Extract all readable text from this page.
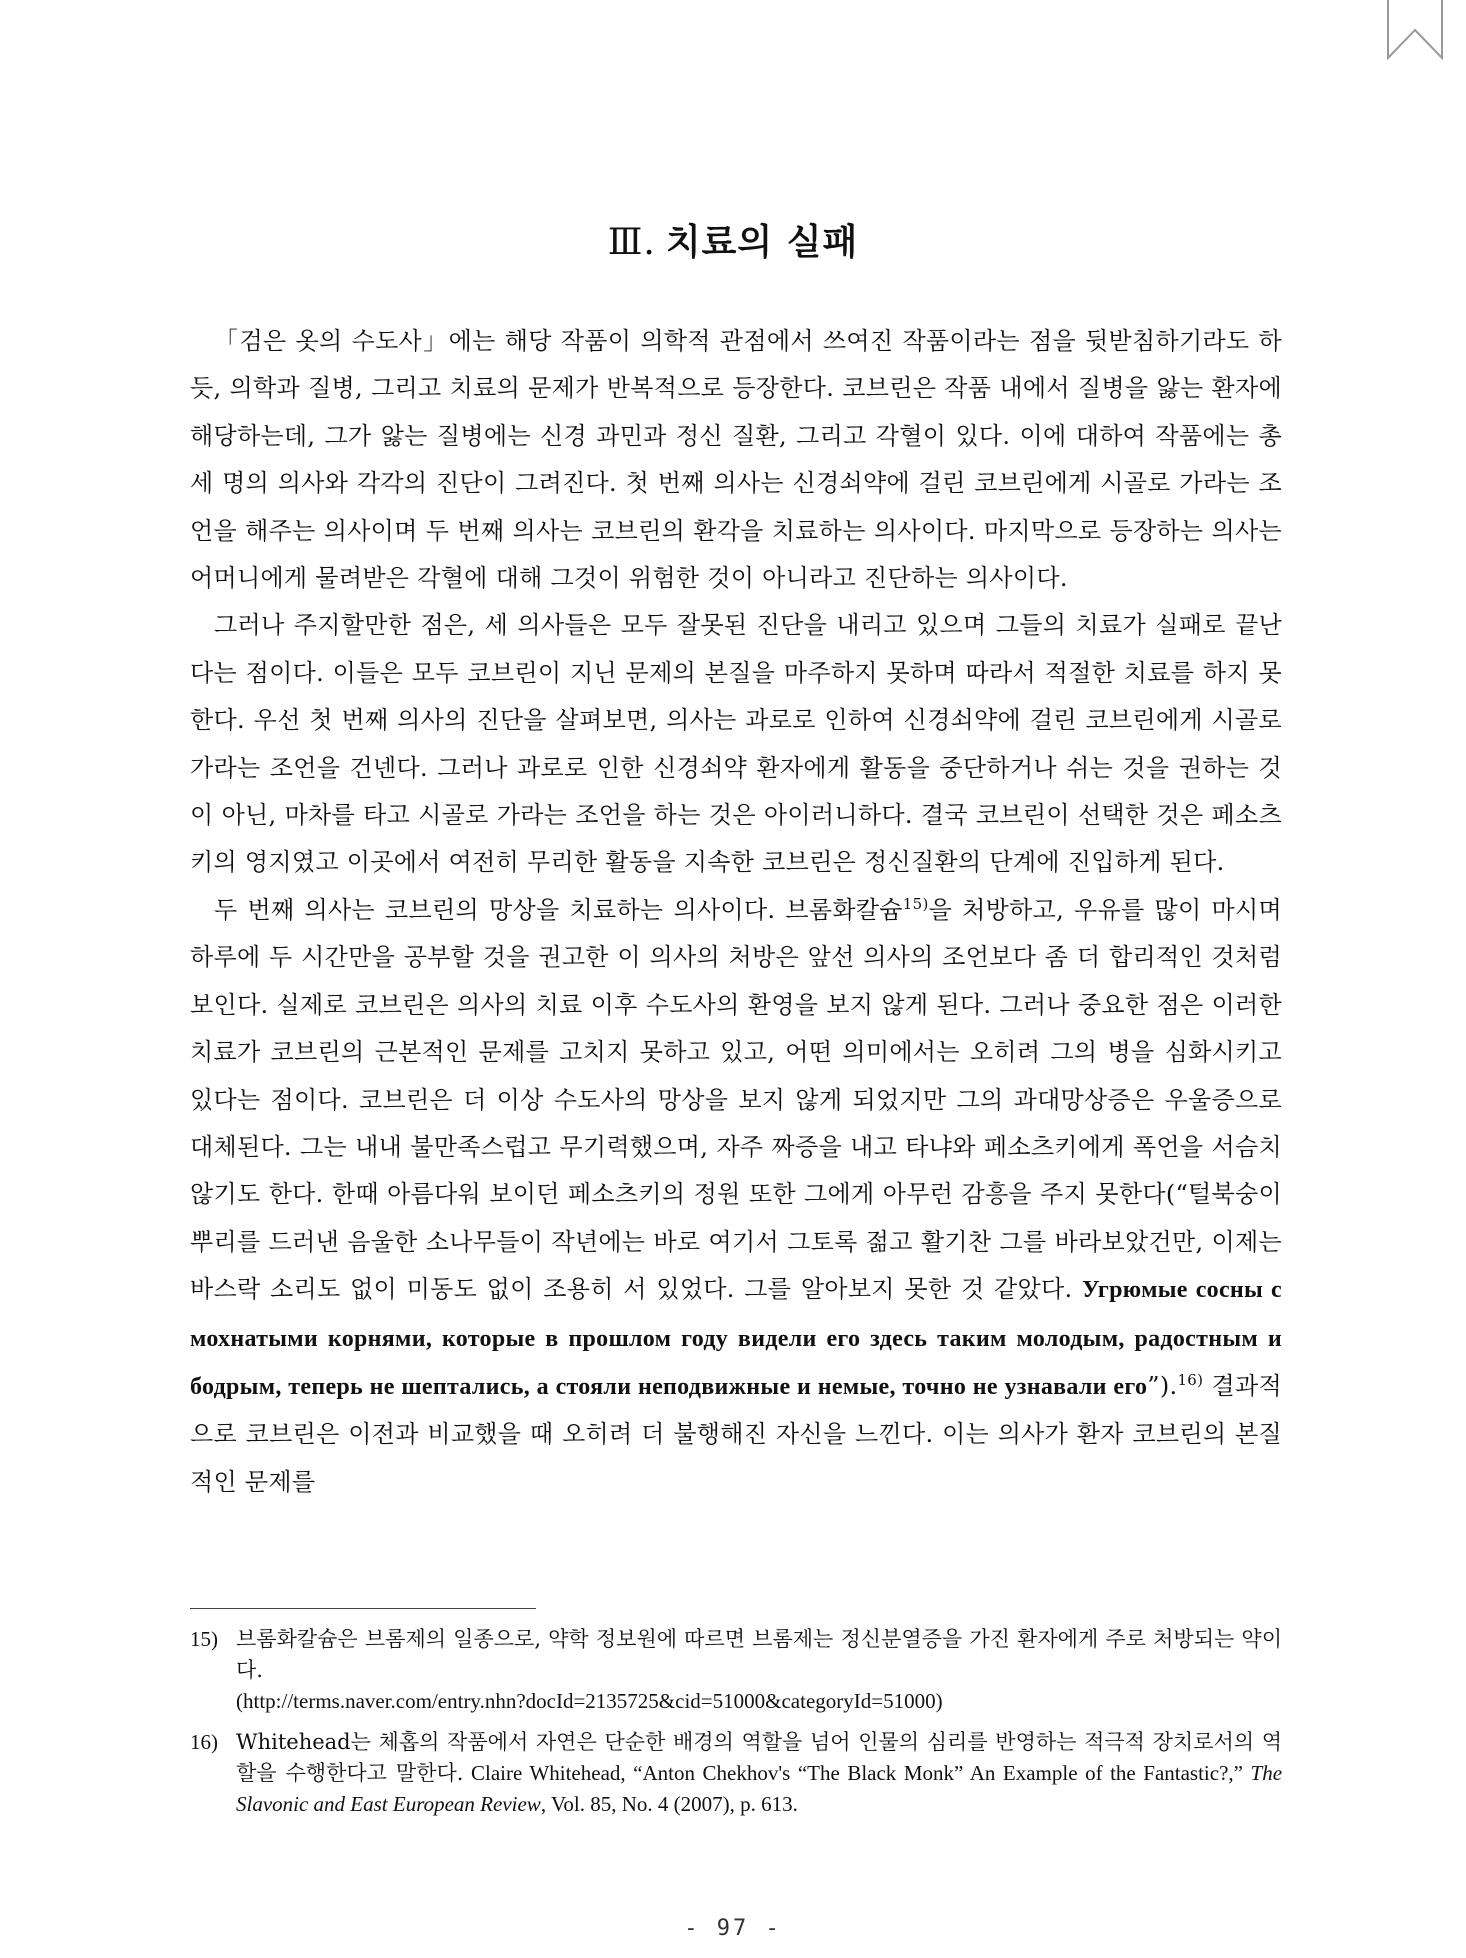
Ⅲ. 치료의 실패

「검은 옷의 수도사」에는 해당 작품이 의학적 관점에서 쓰여진 작품이라는 점을 뒷받침하기라도 하듯, 의학과 질병, 그리고 치료의 문제가 반복적으로 등장한다. 코브린은 작품 내에서 질병을 앓는 환자에 해당하는데, 그가 앓는 질병에는 신경 과민과 정신 질환, 그리고 각혈이 있다. 이에 대하여 작품에는 총 세 명의 의사와 각각의 진단이 그려진다. 첫 번째 의사는 신경쇠약에 걸린 코브린에게 시골로 가라는 조언을 해주는 의사이며 두 번째 의사는 코브린의 환각을 치료하는 의사이다. 마지막으로 등장하는 의사는 어머니에게 물려받은 각혈에 대해 그것이 위험한 것이 아니라고 진단하는 의사이다.

그러나 주지할만한 점은, 세 의사들은 모두 잘못된 진단을 내리고 있으며 그들의 치료가 실패로 끝난다는 점이다. 이들은 모두 코브린이 지닌 문제의 본질을 마주하지 못하며 따라서 적절한 치료를 하지 못한다. 우선 첫 번째 의사의 진단을 살펴보면, 의사는 과로로 인하여 신경쇠약에 걸린 코브린에게 시골로 가라는 조언을 건넨다. 그러나 과로로 인한 신경쇠약 환자에게 활동을 중단하거나 쉬는 것을 권하는 것이 아닌, 마차를 타고 시골로 가라는 조언을 하는 것은 아이러니하다. 결국 코브린이 선택한 것은 페소츠키의 영지였고 이곳에서 여전히 무리한 활동을 지속한 코브린은 정신질환의 단계에 진입하게 된다.

두 번째 의사는 코브린의 망상을 치료하는 의사이다. 브롬화칼슘$^{15)}$을 처방하고, 우유를 많이 마시며 하루에 두 시간만을 공부할 것을 권고한 이 의사의 처방은 앞선 의사의 조언보다 좀 더 합리적인 것처럼 보인다. 실제로 코브린은 의사의 치료 이후 수도사의 환영을 보지 않게 된다. 그러나 중요한 점은 이러한 치료가 코브린의 근본적인 문제를 고치지 못하고 있고, 어떤 의미에서는 오히려 그의 병을 심화시키고 있다는 점이다. 코브린은 더 이상 수도사의 망상을 보지 않게 되었지만 그의 과대망상증은 우울증으로 대체된다. 그는 내내 불만족스럽고 무기력했으며, 자주 짜증을 내고 타냐와 페소츠키에게 폭언을 서슴치 않기도 한다. 한때 아름다워 보이던 페소츠키의 정원 또한 그에게 아무런 감흥을 주지 못한다(“털북숭이 뿌리를 드러낸 음울한 소나무들이 작년에는 바로 여기서 그토록 젊고 활기찬 그를 바라보았건만, 이제는 바스락 소리도 없이 미동도 없이 조용히 서 있었다. 그를 알아보지 못한 것 같았다. Угрюмые сосны с мохнатыми корнями, которые в прошлом году видели его здесь таким молодым, радостным и бодрым, теперь не шептались, а стояли неподвижные и немые, точно не узнавали его”).$^{16)}$ 결과적으로 코브린은 이전과 비교했을 때 오히려 더 불행해진 자신을 느낀다. 이는 의사가 환자 코브린의 본질적인 문제를

15) 브롬화칼슘은 브롬제의 일종으로, 약학 정보원에 따르면 브롬제는 정신분열증을 가진 환자에게 주로 처방되는 약이다.
(http://terms.naver.com/entry.nhn?docId=2135725&cid=51000&categoryId=51000)
16) Whitehead는 체홉의 작품에서 자연은 단순한 배경의 역할을 넘어 인물의 심리를 반영하는 적극적 장치로서의 역할을 수행한다고 말한다. Claire Whitehead, “Anton Chekhov's “The Black Monk” An Example of the Fantastic?,” The Slavonic and East European Review, Vol. 85, No. 4 (2007), p. 613.
- 97 -
